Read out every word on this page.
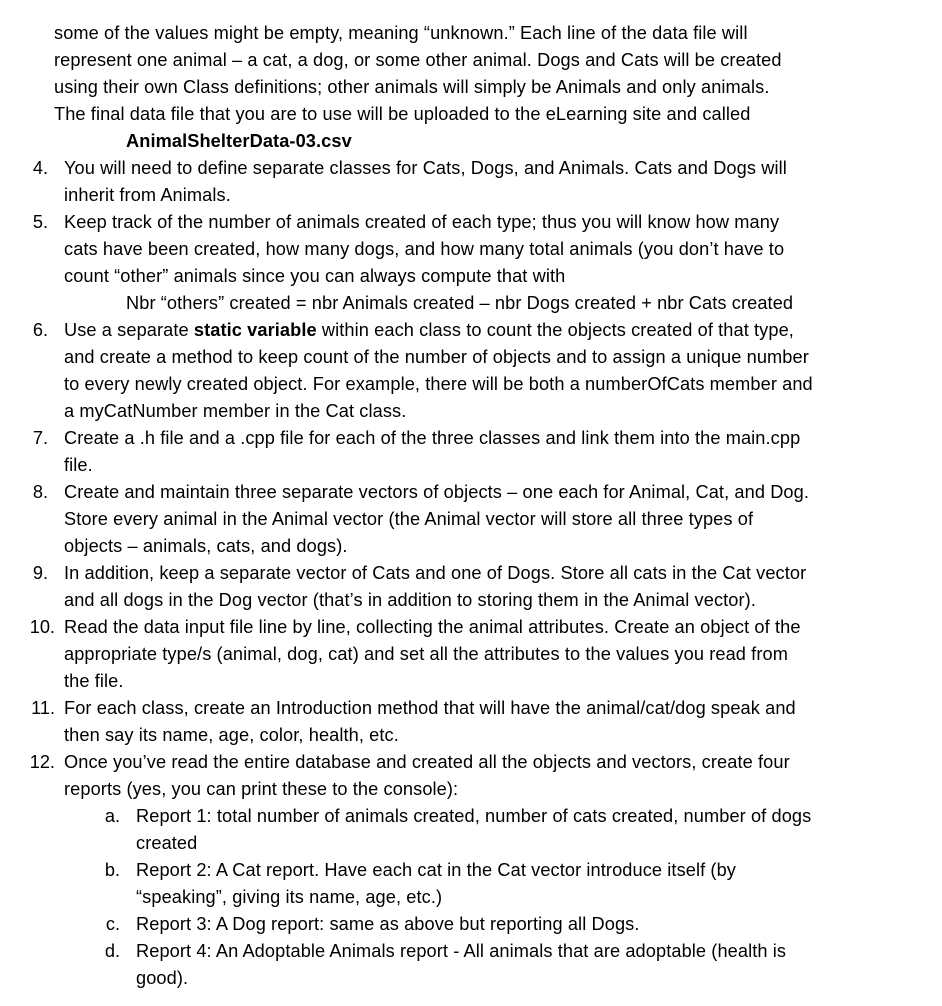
some of the values might be empty, meaning “unknown.” Each line of the data file will
represent one animal – a cat, a dog, or some other animal. Dogs and Cats will be created
using their own Class definitions; other animals will simply be Animals and only animals.
The final data file that you are to use will be uploaded to the eLearning site and called
AnimalShelterData-03.csv
4. You will need to define separate classes for Cats, Dogs, and Animals. Cats and Dogs will
inherit from Animals.
5. Keep track of the number of animals created of each type; thus you will know how many
cats have been created, how many dogs, and how many total animals (you don’t have to
count “other” animals since you can always compute that with
Nbr “others” created = nbr Animals created – nbr Dogs created + nbr Cats created
6. Use a separate static variable within each class to count the objects created of that type,
and create a method to keep count of the number of objects and to assign a unique number
to every newly created object. For example, there will be both a numberOfCats member and
a myCatNumber member in the Cat class.
7. Create a .h file and a .cpp file for each of the three classes and link them into the main.cpp
file.
8. Create and maintain three separate vectors of objects – one each for Animal, Cat, and Dog.
Store every animal in the Animal vector (the Animal vector will store all three types of
objects – animals, cats, and dogs).
9. In addition, keep a separate vector of Cats and one of Dogs. Store all cats in the Cat vector
and all dogs in the Dog vector (that’s in addition to storing them in the Animal vector).
10. Read the data input file line by line, collecting the animal attributes. Create an object of the
appropriate type/s (animal, dog, cat) and set all the attributes to the values you read from
the file.
11. For each class, create an Introduction method that will have the animal/cat/dog speak and
then say its name, age, color, health, etc.
12. Once you’ve read the entire database and created all the objects and vectors, create four
reports (yes, you can print these to the console):
a. Report 1: total number of animals created, number of cats created, number of dogs
created
b. Report 2: A Cat report. Have each cat in the Cat vector introduce itself (by
“speaking”, giving its name, age, etc.)
c. Report 3: A Dog report: same as above but reporting all Dogs.
d. Report 4: An Adoptable Animals report - All animals that are adoptable (health is
good).
